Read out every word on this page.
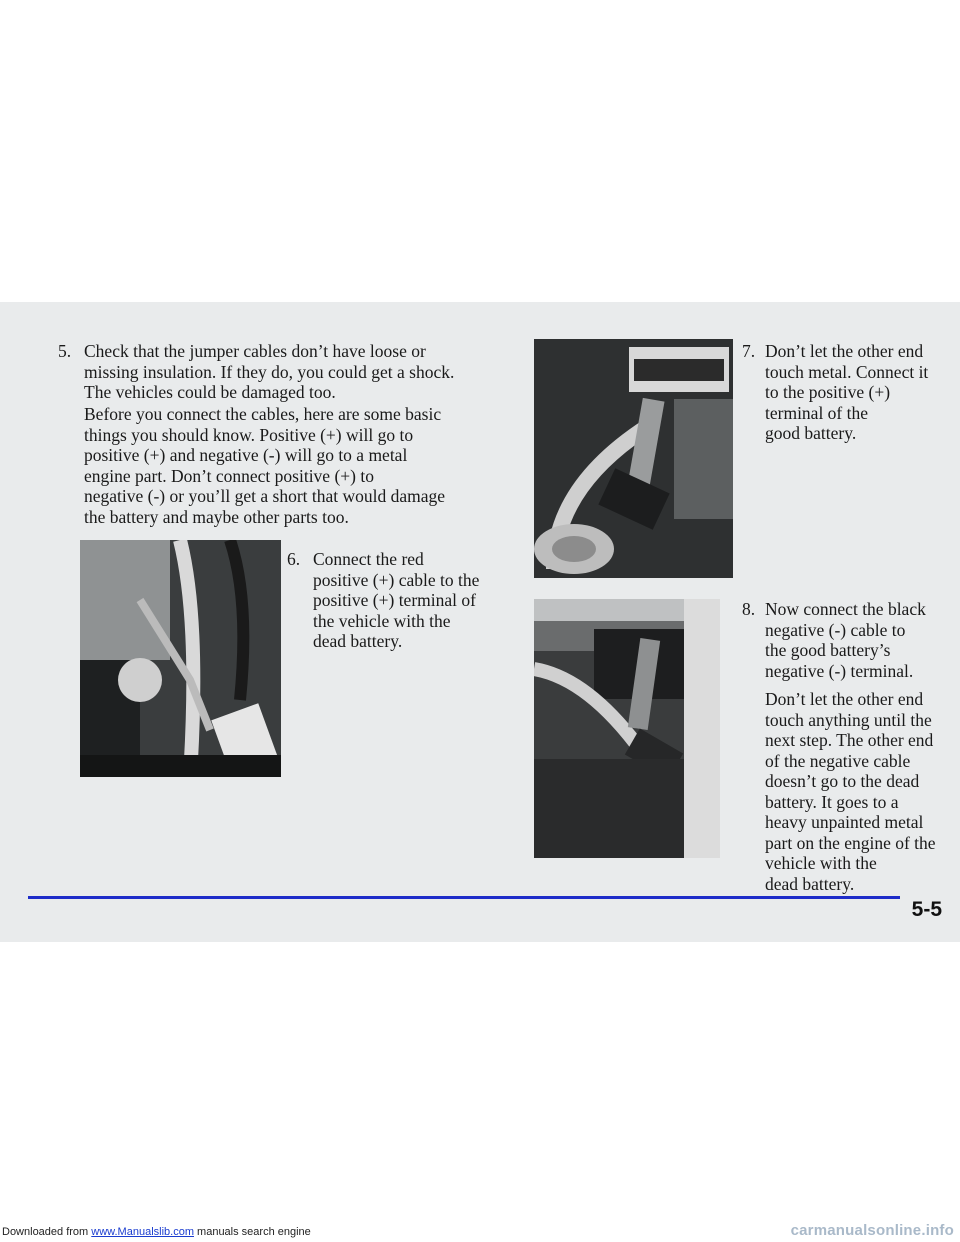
5. Check that the jumper cables don’t have loose or
missing insulation. If they do, you could get a shock.
The vehicles could be damaged too.
Before you connect the cables, here are some basic
things you should know. Positive (+) will go to
positive (+) and negative (-) will go to a metal
engine part. Don’t connect positive (+) to
negative (-) or you’ll get a short that would damage
the battery and maybe other parts too.
6. Connect the red
positive (+) cable to the
positive (+) terminal of
the vehicle with the
dead battery.
7. Don’t let the other end
touch metal. Connect it
to the positive (+)
terminal of the
good battery.
8. Now connect the black
negative (-) cable to
the good battery’s
negative (-) terminal.
Don’t let the other end
touch anything until the
next step. The other end
of the negative cable
doesn’t go to the dead
battery. It goes to a
heavy unpainted metal
part on the engine of the
vehicle with the
dead battery.
5-5
Downloaded from www.Manualslib.com manuals search engine	carmanualsonline.info
